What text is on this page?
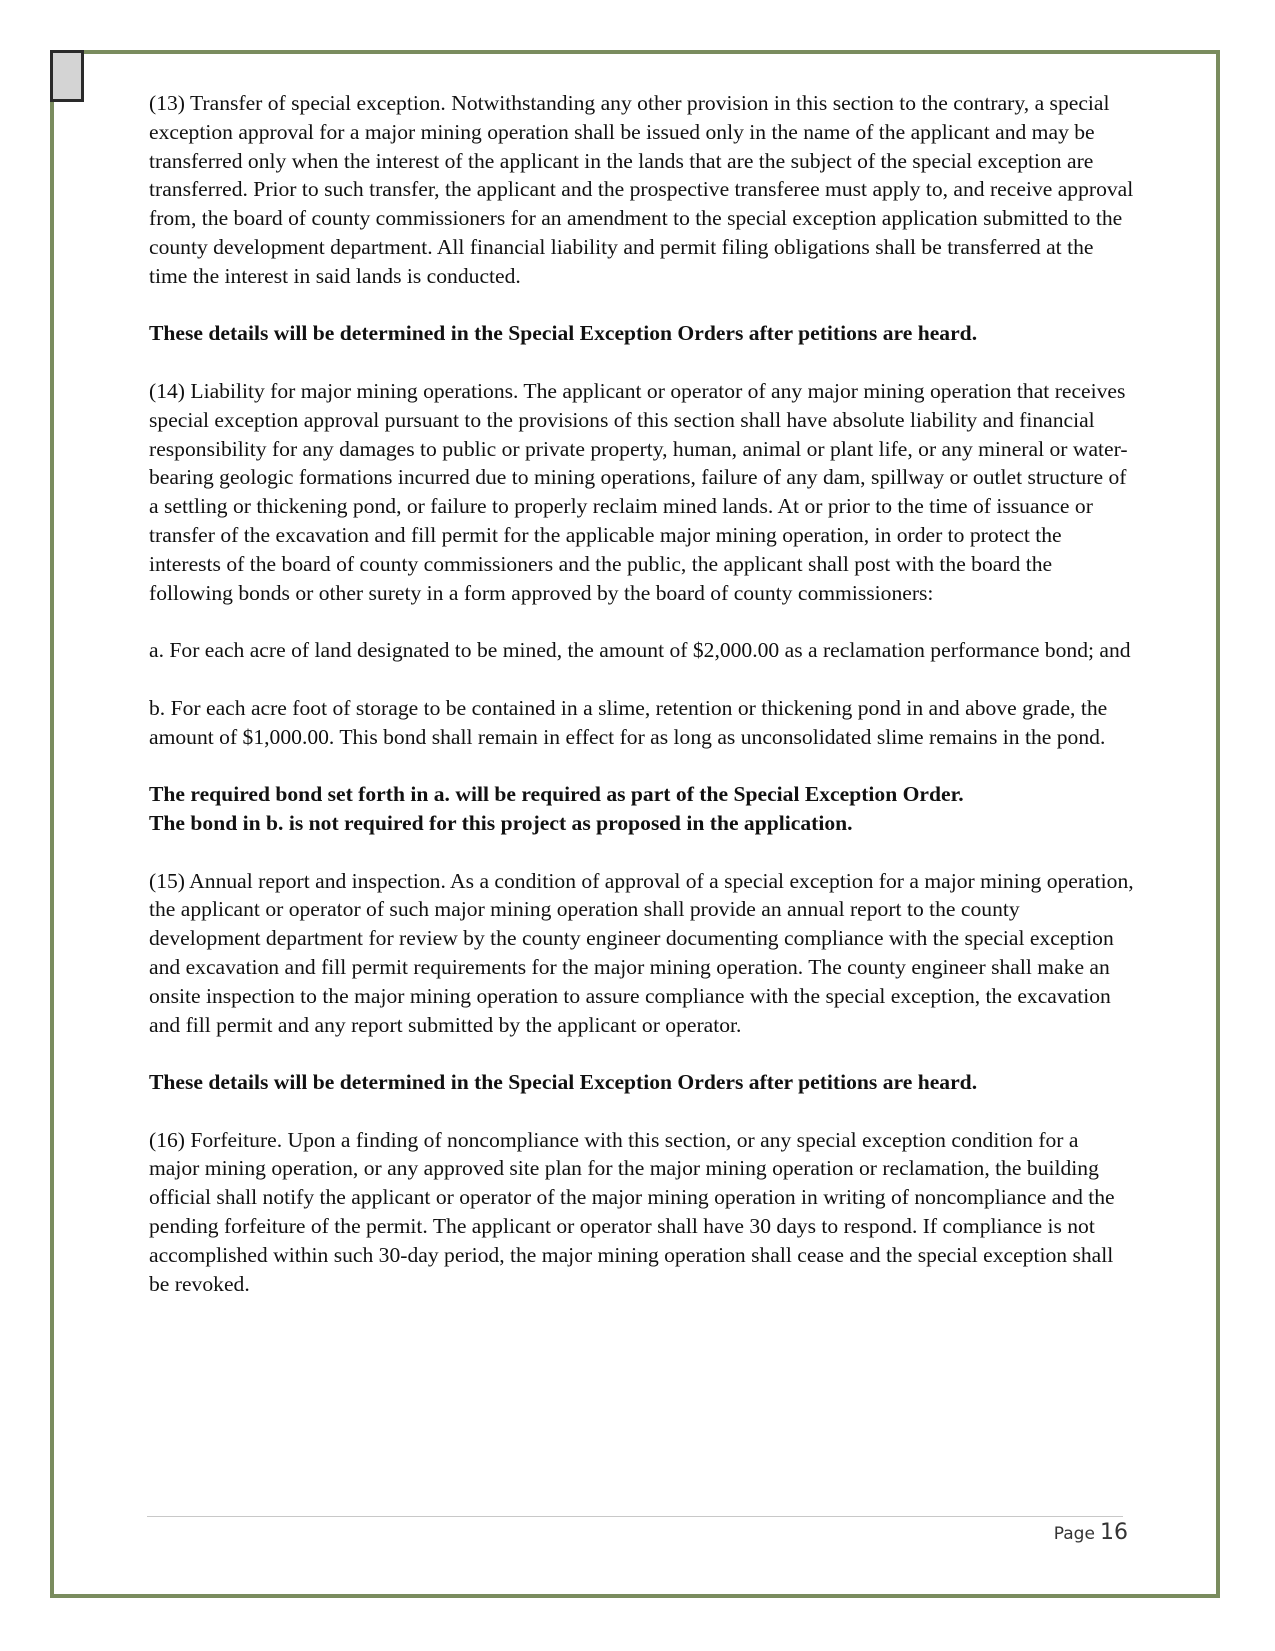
(13) Transfer of special exception. Notwithstanding any other provision in this section to the contrary, a special exception approval for a major mining operation shall be issued only in the name of the applicant and may be transferred only when the interest of the applicant in the lands that are the subject of the special exception are transferred. Prior to such transfer, the applicant and the prospective transferee must apply to, and receive approval from, the board of county commissioners for an amendment to the special exception application submitted to the county development department. All financial liability and permit filing obligations shall be transferred at the time the interest in said lands is conducted.

These details will be determined in the Special Exception Orders after petitions are heard.

(14) Liability for major mining operations. The applicant or operator of any major mining operation that receives special exception approval pursuant to the provisions of this section shall have absolute liability and financial responsibility for any damages to public or private property, human, animal or plant life, or any mineral or water-bearing geologic formations incurred due to mining operations, failure of any dam, spillway or outlet structure of a settling or thickening pond, or failure to properly reclaim mined lands. At or prior to the time of issuance or transfer of the excavation and fill permit for the applicable major mining operation, in order to protect the interests of the board of county commissioners and the public, the applicant shall post with the board the following bonds or other surety in a form approved by the board of county commissioners:

a. For each acre of land designated to be mined, the amount of $2,000.00 as a reclamation performance bond; and

b. For each acre foot of storage to be contained in a slime, retention or thickening pond in and above grade, the amount of $1,000.00. This bond shall remain in effect for as long as unconsolidated slime remains in the pond.

The required bond set forth in a. will be required as part of the Special Exception Order.
The bond in b. is not required for this project as proposed in the application.

(15) Annual report and inspection. As a condition of approval of a special exception for a major mining operation, the applicant or operator of such major mining operation shall provide an annual report to the county development department for review by the county engineer documenting compliance with the special exception and excavation and fill permit requirements for the major mining operation. The county engineer shall make an onsite inspection to the major mining operation to assure compliance with the special exception, the excavation and fill permit and any report submitted by the applicant or operator.

These details will be determined in the Special Exception Orders after petitions are heard.

(16) Forfeiture. Upon a finding of noncompliance with this section, or any special exception condition for a major mining operation, or any approved site plan for the major mining operation or reclamation, the building official shall notify the applicant or operator of the major mining operation in writing of noncompliance and the pending forfeiture of the permit. The applicant or operator shall have 30 days to respond. If compliance is not accomplished within such 30-day period, the major mining operation shall cease and the special exception shall be revoked.

Page 16
